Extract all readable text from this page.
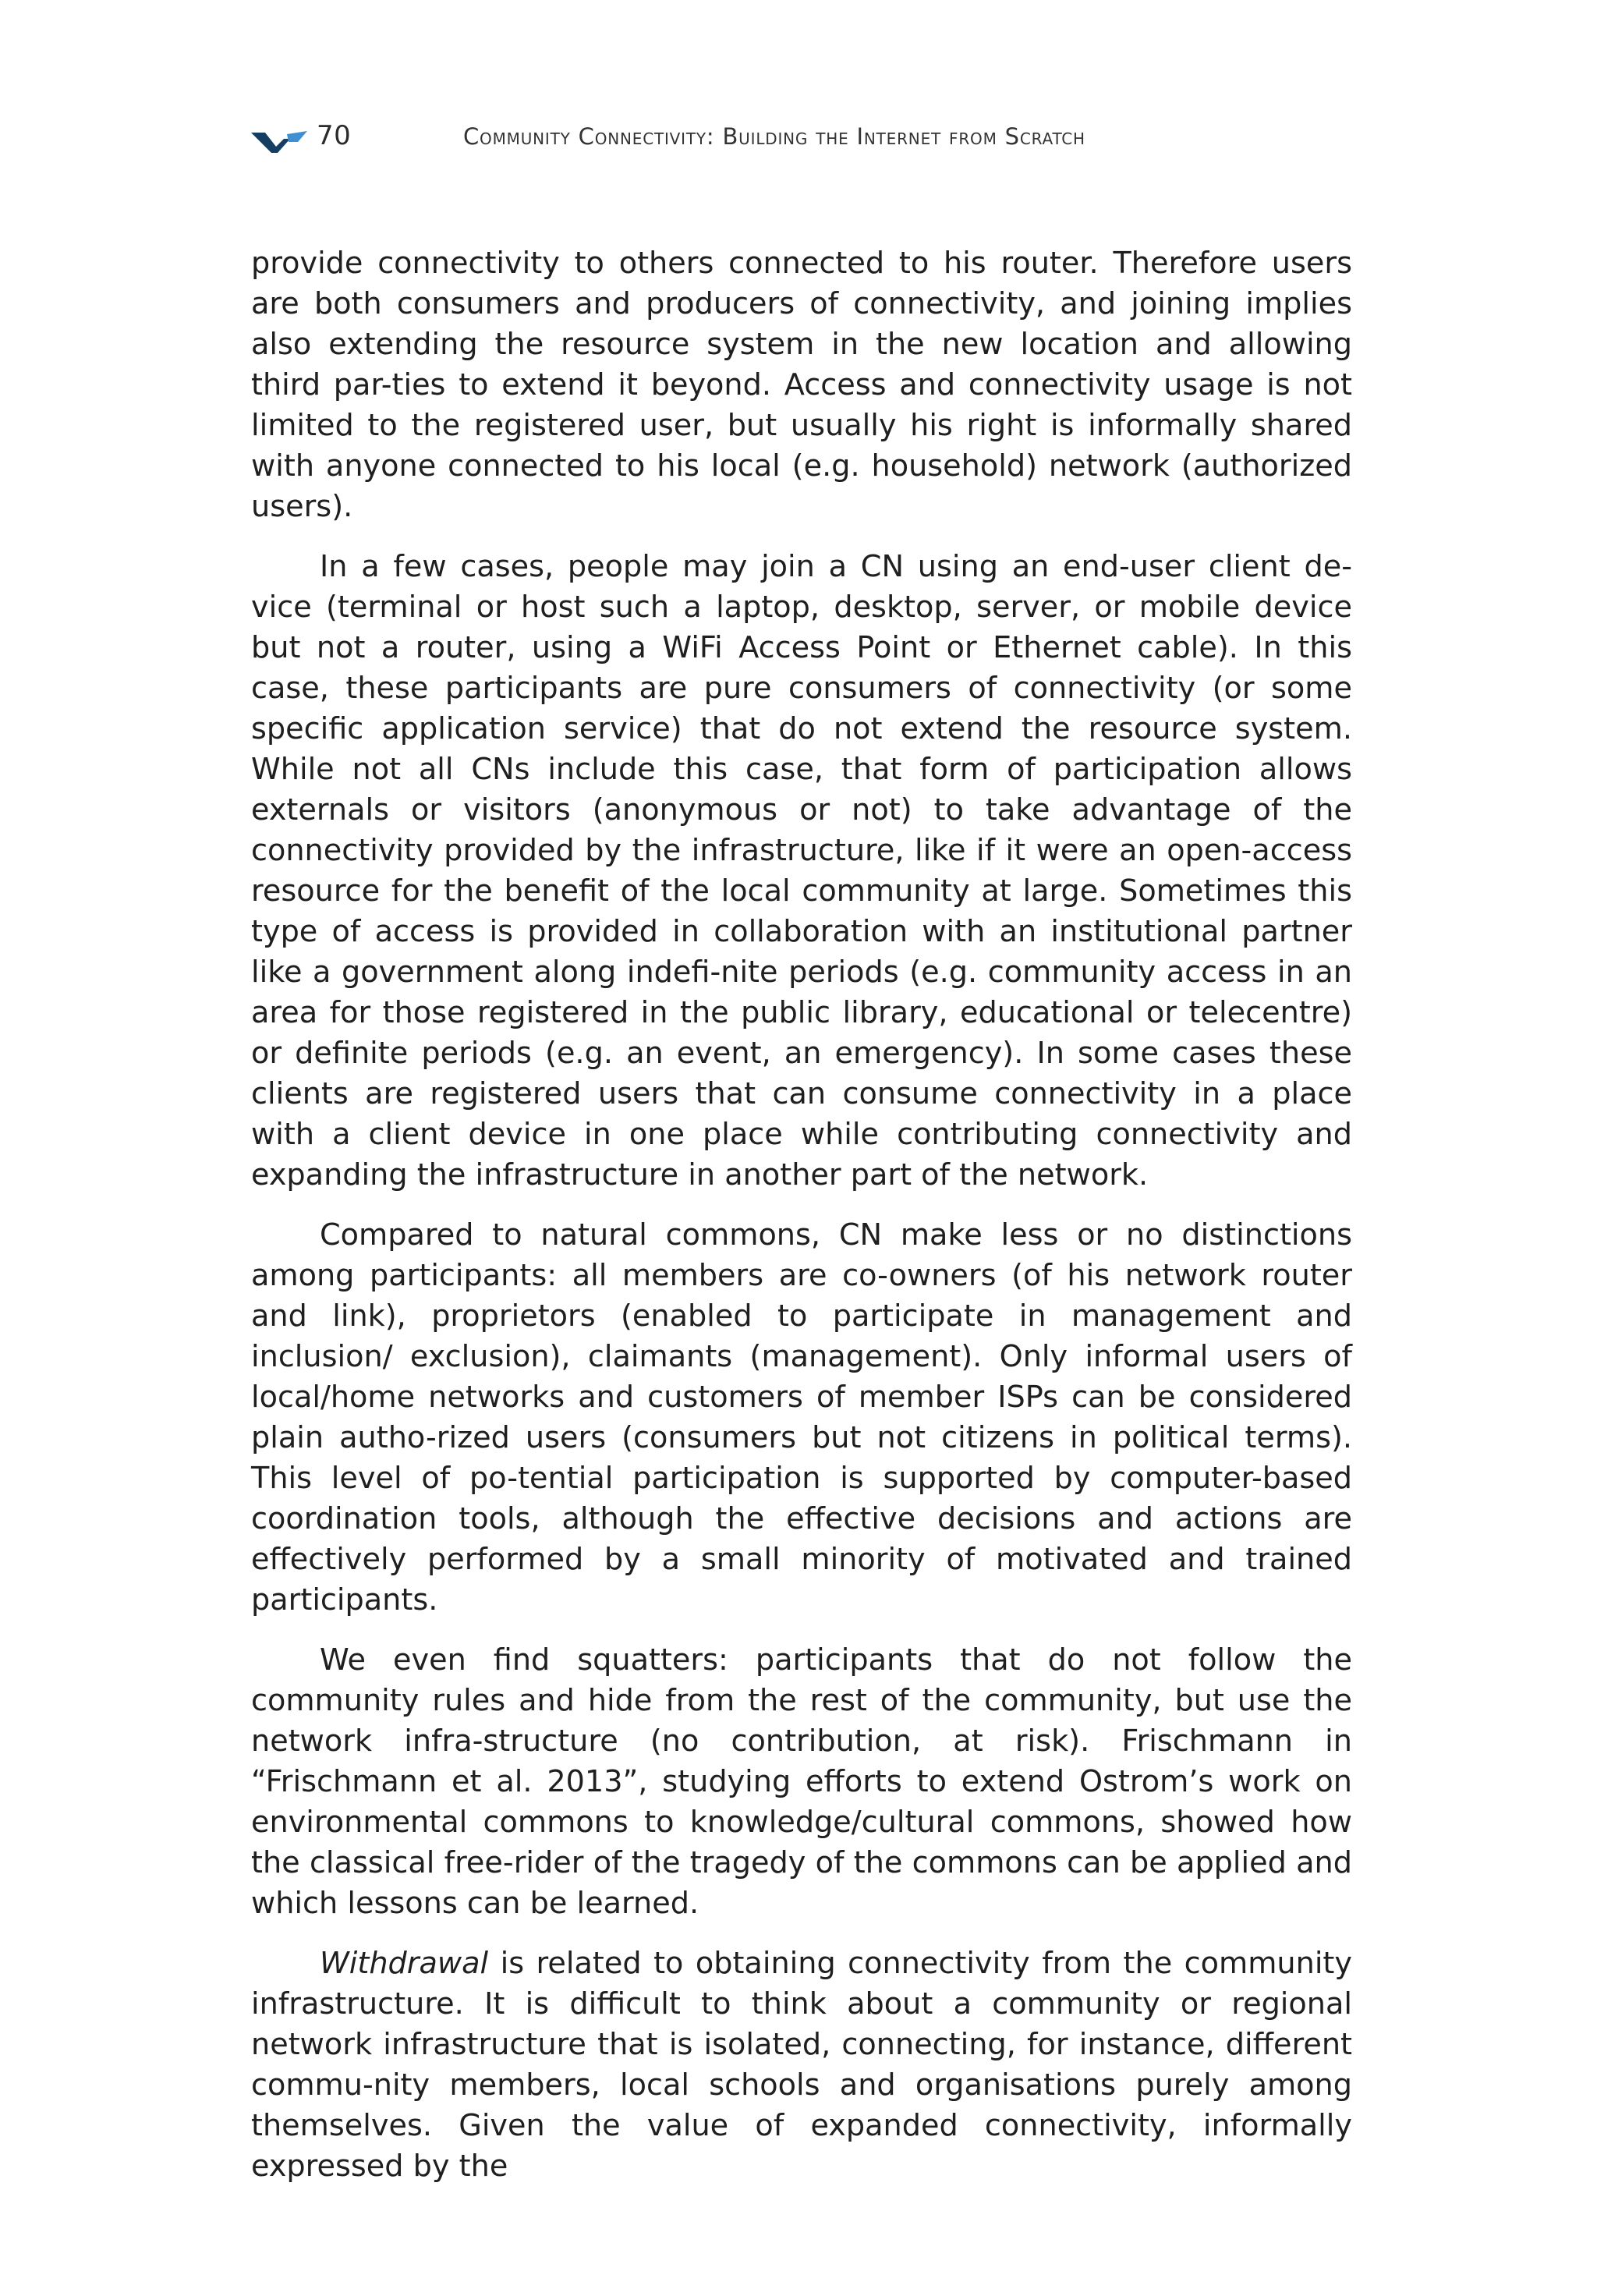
70	Community Connectivity: Building the Internet from Scratch

provide connectivity to others connected to his router. Therefore users are both consumers and producers of connectivity, and joining implies also extending the resource system in the new location and allowing third par-ties to extend it beyond. Access and connectivity usage is not limited to the registered user, but usually his right is informally shared with anyone connected to his local (e.g. household) network (authorized users).

In a few cases, people may join a CN using an end-user client de-vice (terminal or host such a laptop, desktop, server, or mobile device but not a router, using a WiFi Access Point or Ethernet cable). In this case, these participants are pure consumers of connectivity (or some specific application service) that do not extend the resource system. While not all CNs include this case, that form of participation allows externals or visitors (anonymous or not) to take advantage of the connectivity provided by the infrastructure, like if it were an open-access resource for the benefit of the local community at large. Sometimes this type of access is provided in collaboration with an institutional partner like a government along indefi-nite periods (e.g. community access in an area for those registered in the public library, educational or telecentre) or definite periods (e.g. an event, an emergency). In some cases these clients are registered users that can consume connectivity in a place with a client device in one place while contributing connectivity and expanding the infrastructure in another part of the network.

Compared to natural commons, CN make less or no distinctions among participants: all members are co-owners (of his network router and link), proprietors (enabled to participate in management and inclusion/ exclusion), claimants (management). Only informal users of local/home networks and customers of member ISPs can be considered plain autho-rized users (consumers but not citizens in political terms). This level of po-tential participation is supported by computer-based coordination tools, although the effective decisions and actions are effectively performed by a small minority of motivated and trained participants.

We even find squatters: participants that do not follow the community rules and hide from the rest of the community, but use the network infra-structure (no contribution, at risk). Frischmann in “Frischmann et al. 2013”, studying efforts to extend Ostrom’s work on environmental commons to knowledge/cultural commons, showed how the classical free-rider of the tragedy of the commons can be applied and which lessons can be learned.

Withdrawal is related to obtaining connectivity from the community infrastructure. It is difficult to think about a community or regional network infrastructure that is isolated, connecting, for instance, different commu-nity members, local schools and organisations purely among themselves. Given the value of expanded connectivity, informally expressed by the
